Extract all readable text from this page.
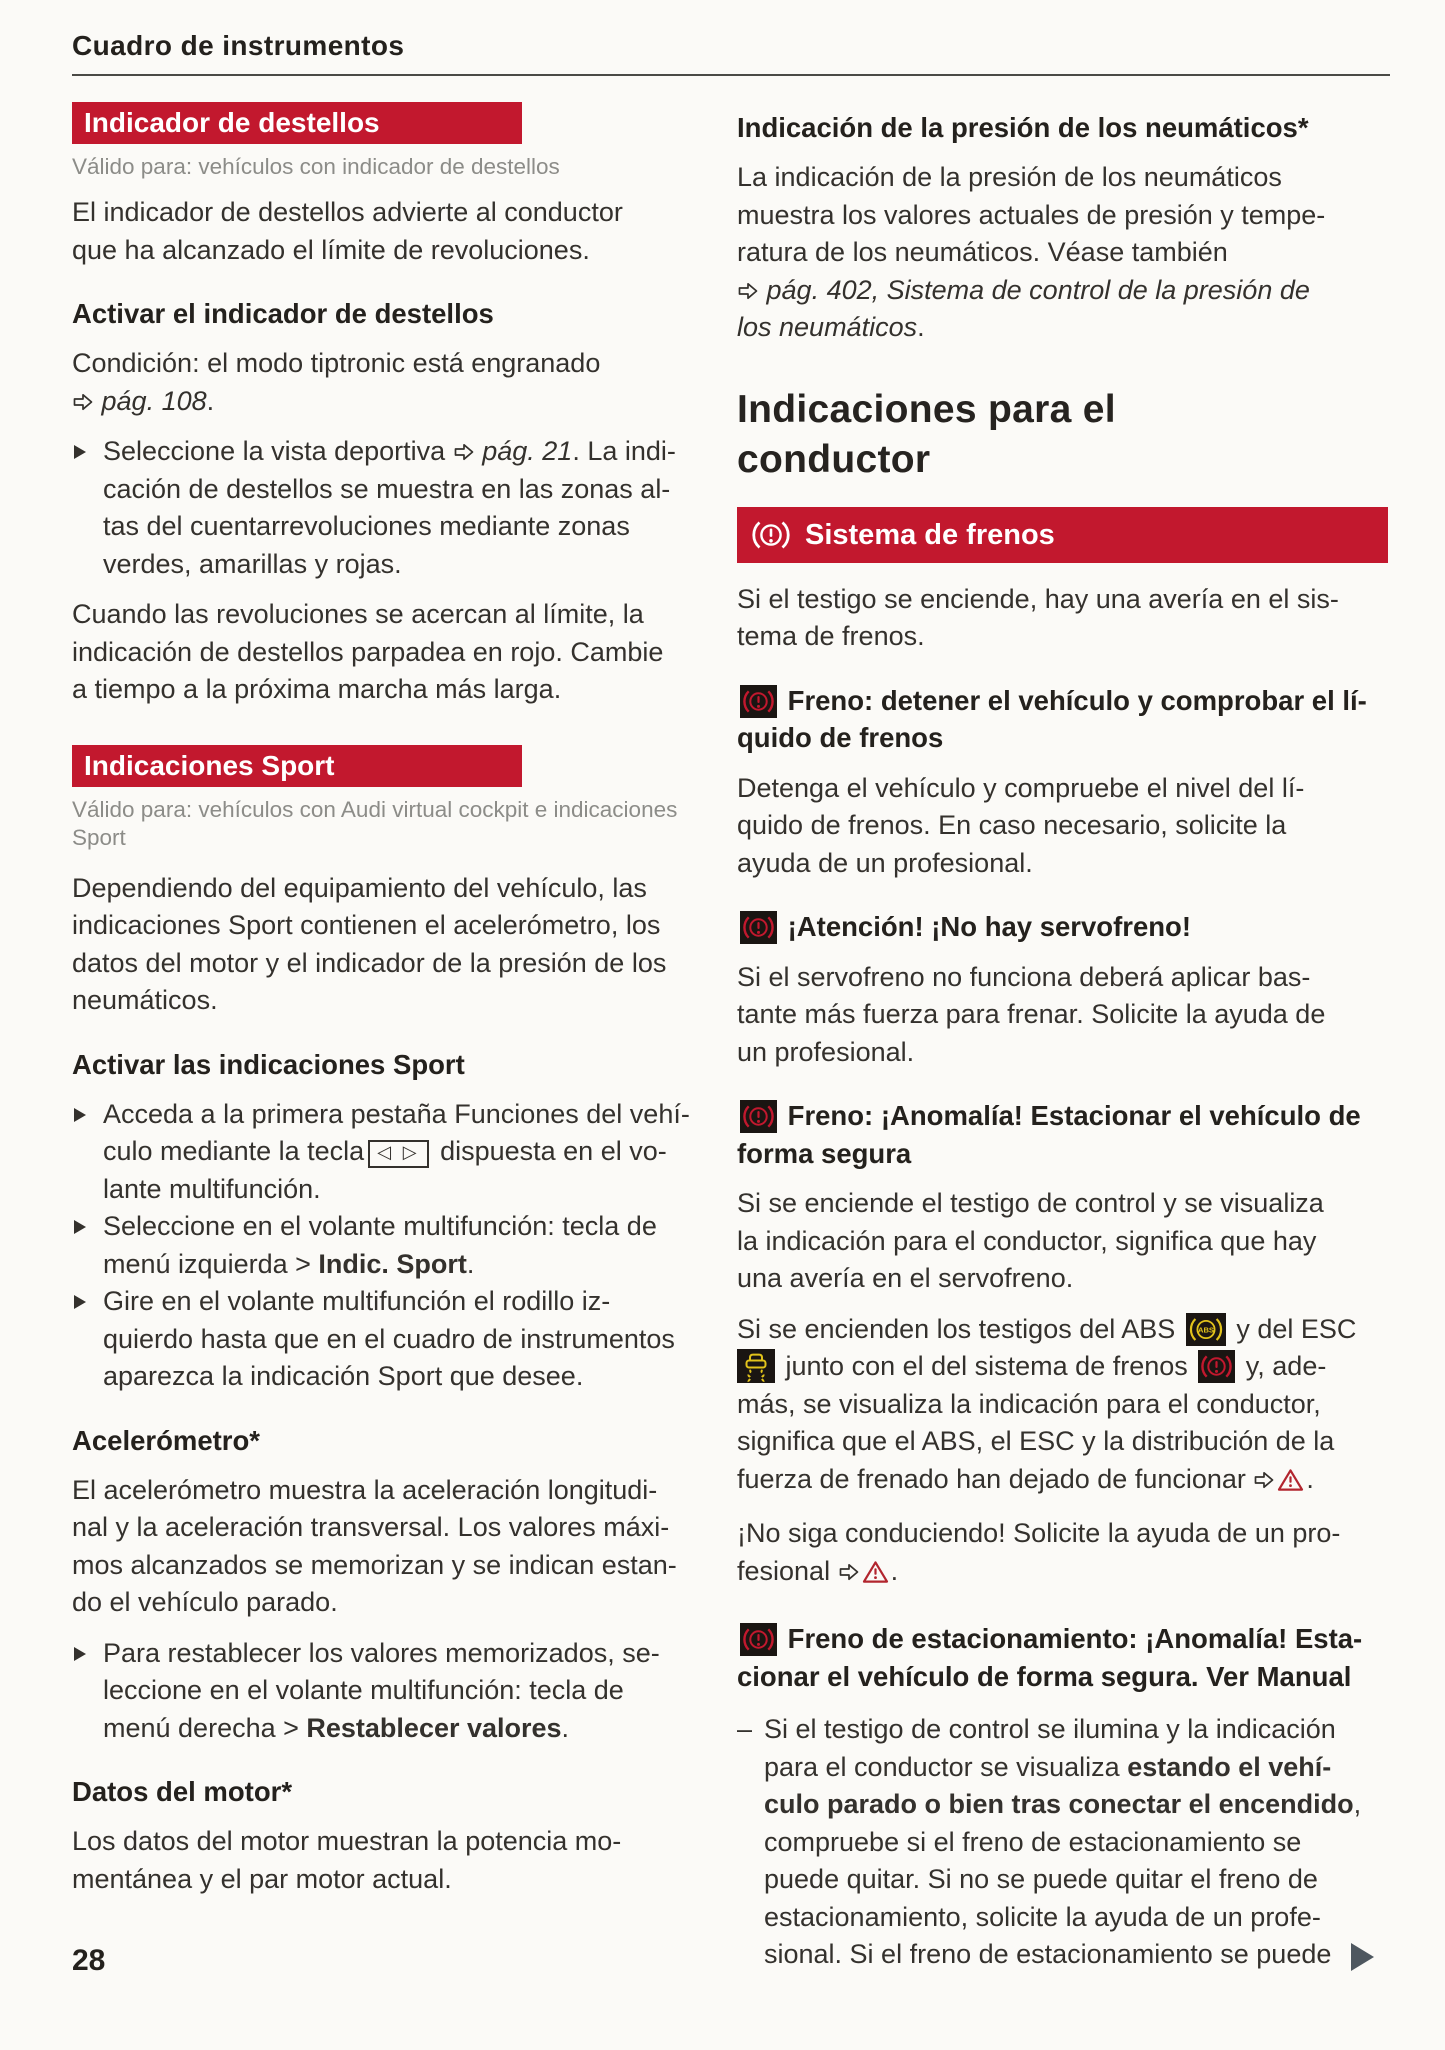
Cuadro de instrumentos
Indicador de destellos
Válido para: vehículos con indicador de destellos
El indicador de destellos advierte al conductor
que ha alcanzado el límite de revoluciones.
Activar el indicador de destellos
Condición: el modo tiptronic está engranado
pág. 108.
Seleccione la vista deportiva  pág. 21. La indi-
cación de destellos se muestra en las zonas al-
tas del cuentarrevoluciones mediante zonas
verdes, amarillas y rojas.
Cuando las revoluciones se acercan al límite, la
indicación de destellos parpadea en rojo. Cambie
a tiempo a la próxima marcha más larga.
Indicaciones Sport
Válido para: vehículos con Audi virtual cockpit e indicaciones
Sport
Dependiendo del equipamiento del vehículo, las
indicaciones Sport contienen el acelerómetro, los
datos del motor y el indicador de la presión de los
neumáticos.
Activar las indicaciones Sport
Acceda a la primera pestaña Funciones del vehí-
culo mediante la tecla ◁ ▷ dispuesta en el vo-
lante multifunción.
Seleccione en el volante multifunción: tecla de
menú izquierda > Indic. Sport.
Gire en el volante multifunción el rodillo iz-
quierdo hasta que en el cuadro de instrumentos
aparezca la indicación Sport que desee.
Acelerómetro*
El acelerómetro muestra la aceleración longitudi-
nal y la aceleración transversal. Los valores máxi-
mos alcanzados se memorizan y se indican estan-
do el vehículo parado.
Para restablecer los valores memorizados, se-
leccione en el volante multifunción: tecla de
menú derecha > Restablecer valores.
Datos del motor*
Los datos del motor muestran la potencia mo-
mentánea y el par motor actual.
Indicación de la presión de los neumáticos*
La indicación de la presión de los neumáticos
muestra los valores actuales de presión y tempe-
ratura de los neumáticos. Véase también
pág. 402, Sistema de control de la presión de
los neumáticos.
Indicaciones para el
conductor
Sistema de frenos
Si el testigo se enciende, hay una avería en el sis-
tema de frenos.
Freno: detener el vehículo y comprobar el lí-
quido de frenos
Detenga el vehículo y compruebe el nivel del lí-
quido de frenos. En caso necesario, solicite la
ayuda de un profesional.
¡Atención! ¡No hay servofreno!
Si el servofreno no funciona deberá aplicar bas-
tante más fuerza para frenar. Solicite la ayuda de
un profesional.
Freno: ¡Anomalía! Estacionar el vehículo de
forma segura
Si se enciende el testigo de control y se visualiza
la indicación para el conductor, significa que hay
una avería en el servofreno.
Si se encienden los testigos del ABS	ABS y del ESC
junto con el del sistema de frenos
y, ade-
más, se visualiza la indicación para el conductor,
significa que el ABS, el ESC y la distribución de la
fuerza de frenado han dejado de funcionar .
¡No siga conduciendo! Solicite la ayuda de un pro-
fesional .
Freno de estacionamiento: ¡Anomalía! Esta-
cionar el vehículo de forma segura. Ver Manual
– Si el testigo de control se ilumina y la indicación
para el conductor se visualiza estando el vehí-
culo parado o bien tras conectar el encendido,
compruebe si el freno de estacionamiento se
puede quitar. Si no se puede quitar el freno de
estacionamiento, solicite la ayuda de un profe-
sional. Si el freno de estacionamiento se puede
28
